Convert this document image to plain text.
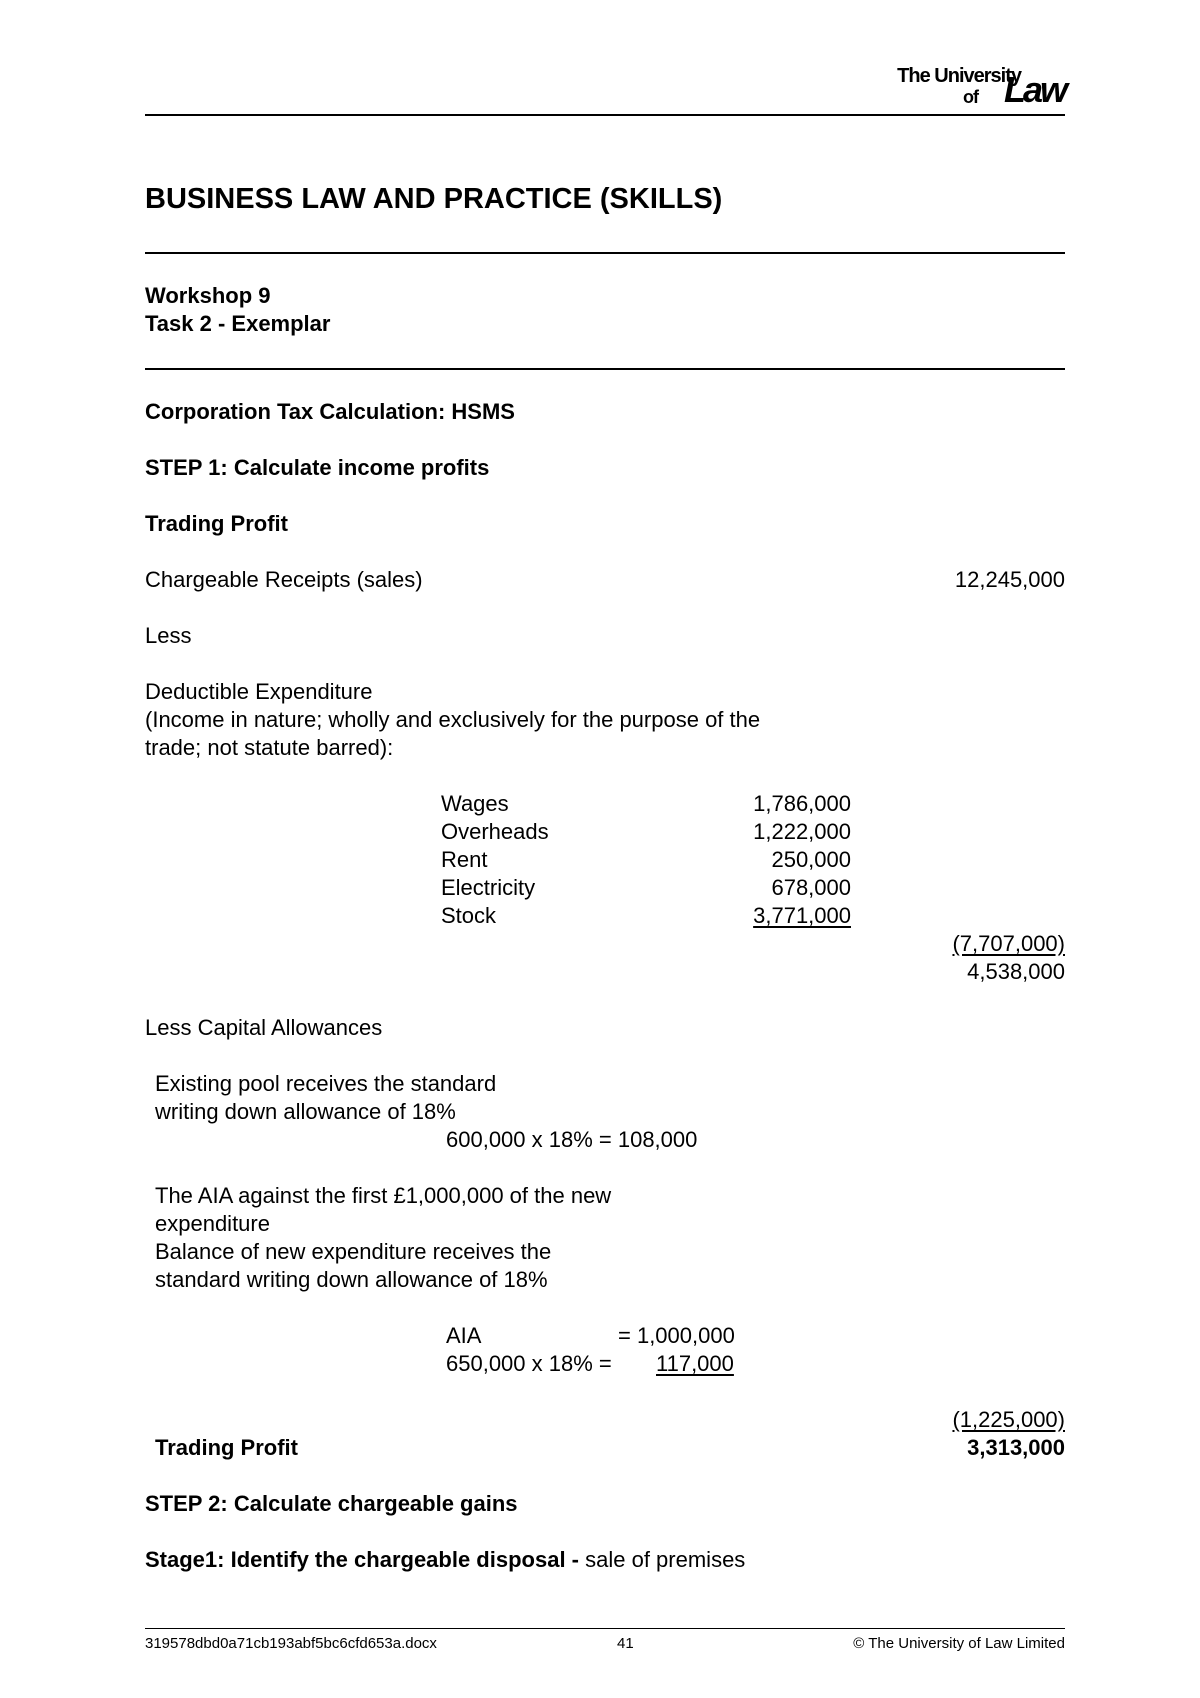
The University
of Law
BUSINESS LAW AND PRACTICE (SKILLS)
Workshop 9
Task 2 - Exemplar
Corporation Tax Calculation: HSMS
STEP 1: Calculate income profits
Trading Profit
Chargeable Receipts (sales)	12,245,000
Less
Deductible Expenditure
(Income in nature; wholly and exclusively for the purpose of the
trade; not statute barred):
Wages	1,786,000
Overheads	1,222,000
Rent	250,000
Electricity	678,000
Stock	3,771,000
(7,707,000)
4,538,000
Less Capital Allowances
Existing pool receives the standard
writing down allowance of 18%
600,000 x 18% = 108,000
The AIA against the first £1,000,000 of the new
expenditure
Balance of new expenditure receives the
standard writing down allowance of 18%
AIA	= 1,000,000
650,000 x 18% = 117,000
(1,225,000)
Trading Profit	3,313,000
STEP 2: Calculate chargeable gains
Stage1: Identify the chargeable disposal - sale of premises
319578dbd0a71cb193abf5bc6cfd653a.docx	41	© The University of Law Limited
